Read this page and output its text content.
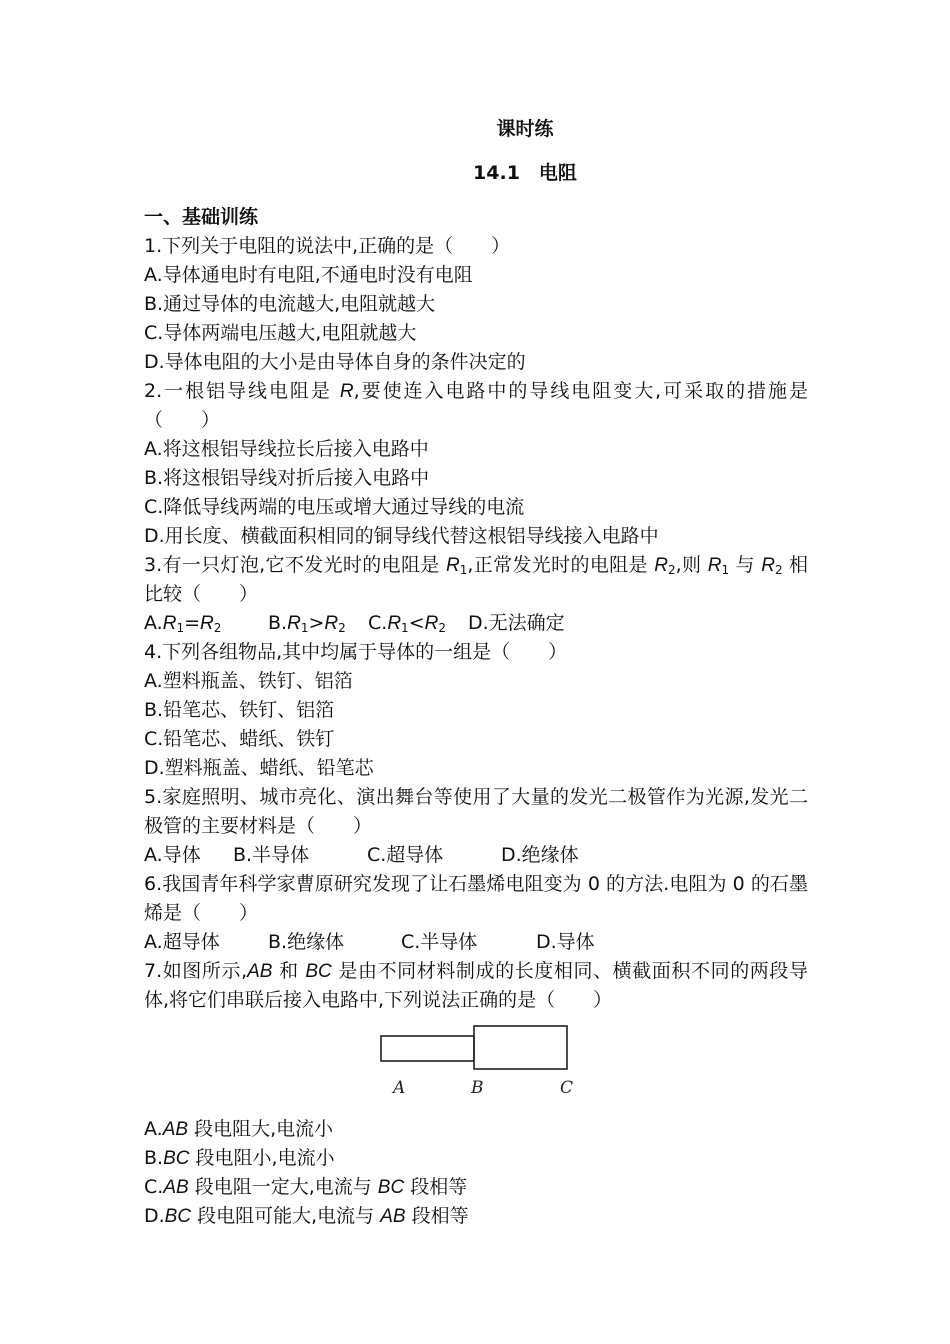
课时练
14.1　电阻
一、基础训练
1.下列关于电阻的说法中,正确的是（　　）
A.导体通电时有电阻,不通电时没有电阻
B.通过导体的电流越大,电阻就越大
C.导体两端电压越大,电阻就越大
D.导体电阻的大小是由导体自身的条件决定的
2.一根铝导线电阻是 R,要使连入电路中的导线电阻变大,可采取的措施是（　　）
A.将这根铝导线拉长后接入电路中
B.将这根铝导线对折后接入电路中
C.降低导线两端的电压或增大通过导线的电流
D.用长度、横截面积相同的铜导线代替这根铝导线接入电路中
3.有一只灯泡,它不发光时的电阻是 $R_1$,正常发光时的电阻是 $R_2$,则 $R_1$ 与 $R_2$ 相比较（　　）
$A.R_1=R_2$ $B.R_1>R_2$ $C.R_1<R_2$ D.无法确定
4.下列各组物品,其中均属于导体的一组是（　　）
A.塑料瓶盖、铁钉、铝箔
B.铅笔芯、铁钉、铝箔
C.铅笔芯、蜡纸、铁钉
D.塑料瓶盖、蜡纸、铅笔芯
5.家庭照明、城市亮化、演出舞台等使用了大量的发光二极管作为光源,发光二极管的主要材料是（　　）
A.导体 B.半导体	C.超导体	D.绝缘体
6.我国青年科学家曹原研究发现了让石墨烯电阻变为 0 的方法.电阻为 0 的石墨烯是（　　）
A.超导体	B.绝缘体	C.半导体	D.导体
7.如图所示,AB 和 BC 是由不同材料制成的长度相同、横截面积不同的两段导体,将它们串联后接入电路中,下列说法正确的是（　　）
A	B	C
A.AB 段电阻大,电流小
B.BC 段电阻小,电流小
C.AB 段电阻一定大,电流与 BC 段相等
D.BC 段电阻可能大,电流与 AB 段相等
